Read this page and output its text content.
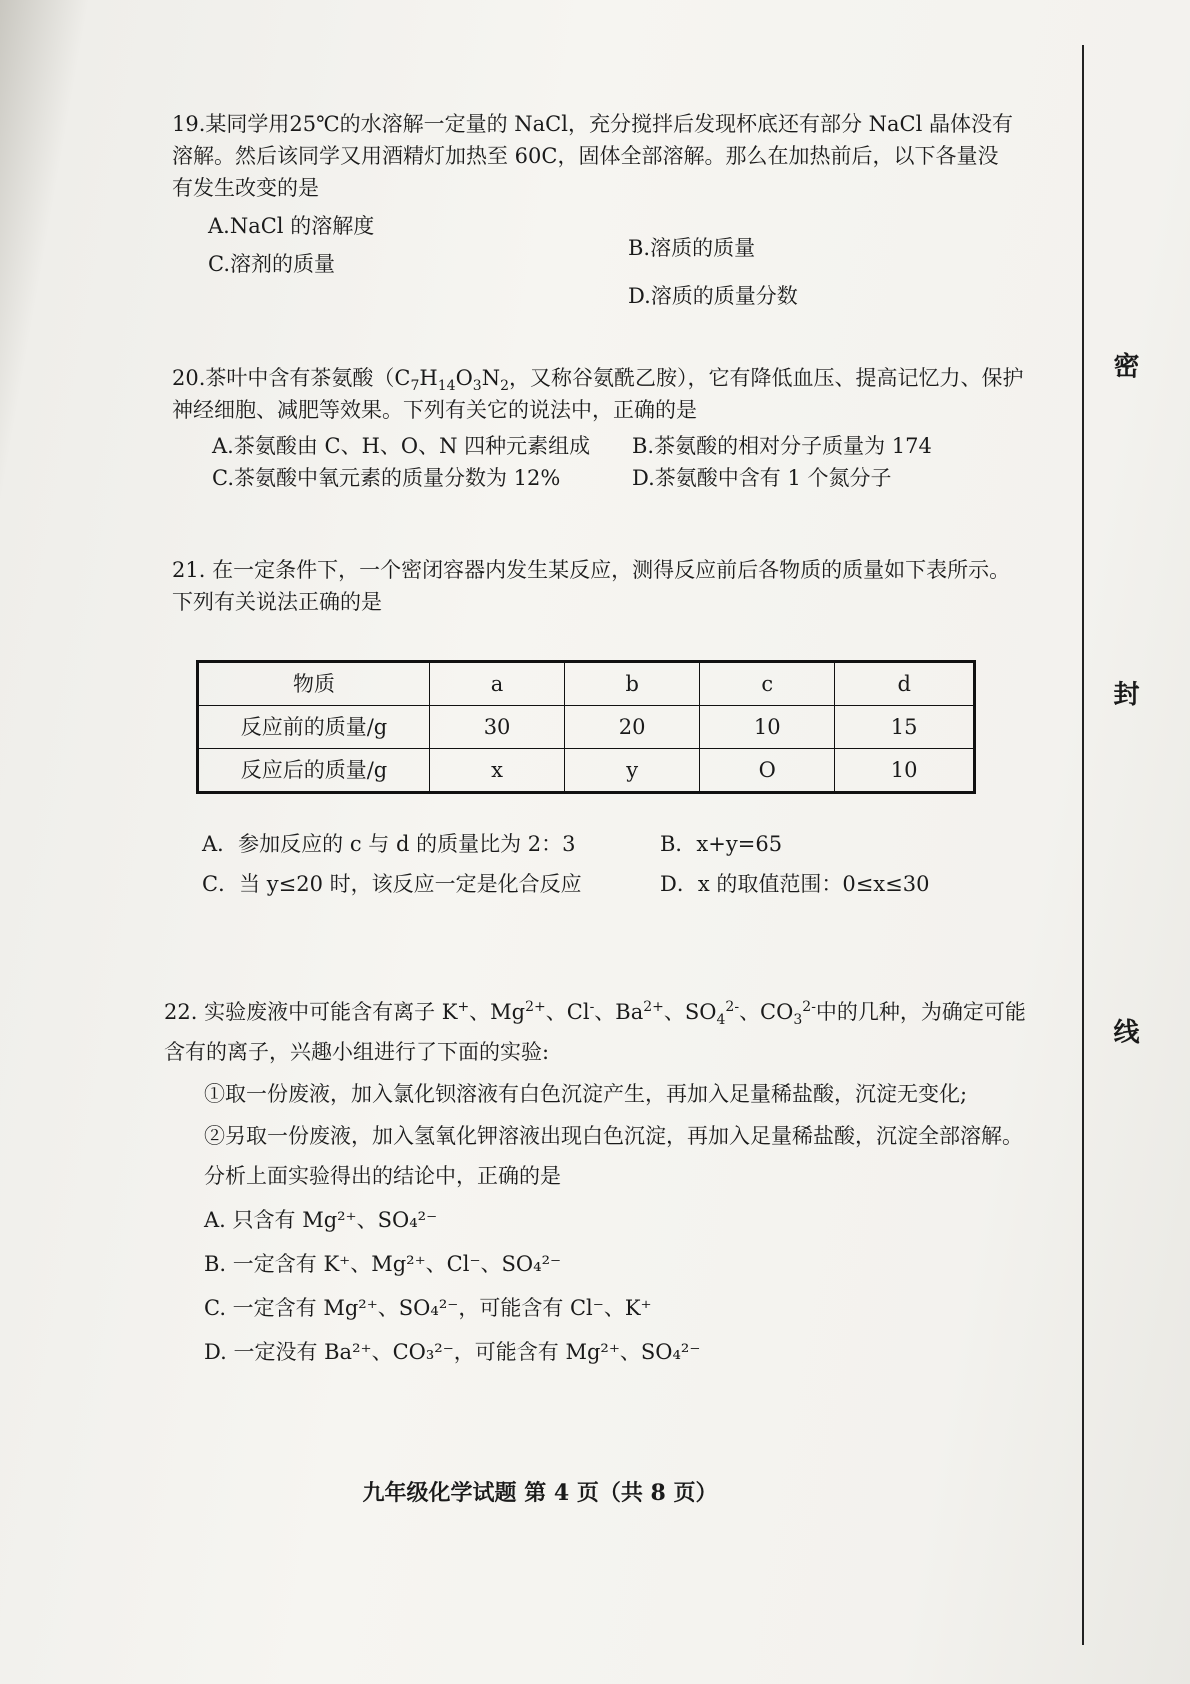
密
封
线

19.某同学用25℃的水溶解一定量的 NaCl，充分搅拌后发现杯底还有部分 NaCl 晶体没有

溶解。然后该同学又用酒精灯加热至 60C，固体全部溶解。那么在加热前后，以下各量没

有发生改变的是

A.NaCl 的溶解度
C.溶剂的质量
B.溶质的质量
D.溶质的质量分数

20.茶叶中含有茶氨酸（$C_7H_{14}O_3N_2$，又称谷氨酰乙胺），它有降低血压、提高记忆力、保护

神经细胞、减肥等效果。下列有关它的说法中，正确的是

A.茶氨酸由 C、H、O、N 四种元素组成	B.茶氨酸的相对分子质量为 174
C.茶氨酸中氧元素的质量分数为 12%	D.茶氨酸中含有 1 个氮分子

21. 在一定条件下，一个密闭容器内发生某反应，测得反应前后各物质的质量如下表所示。

下列有关说法正确的是

物质	a	b	c	d
反应前的质量/g	30	20	10	15
反应后的质量/g	x	y	O	10
A．参加反应的 c 与 d 的质量比为 2：3	B．x+y=65
C．当 y≤20 时，该反应一定是化合反应	D．x 的取值范围：0≤x≤30

22. 实验废液中可能含有离子 K+、$Mg^{2+}$、Cl-、$Ba^{2+}$、$SO_4^{2-}$、$CO_3^{2-}$中的几种，为确定可能

含有的离子，兴趣小组进行了下面的实验:

①取一份废液，加入氯化钡溶液有白色沉淀产生，再加入足量稀盐酸，沉淀无变化;

②另取一份废液，加入氢氧化钾溶液出现白色沉淀，再加入足量稀盐酸，沉淀全部溶解。

分析上面实验得出的结论中，正确的是

A. 只含有 Mg²⁺、SO₄²⁻

B. 一定含有 K⁺、Mg²⁺、Cl⁻、SO₄²⁻

C. 一定含有 Mg²⁺、SO₄²⁻，可能含有 Cl⁻、K⁺

D. 一定没有 Ba²⁺、CO₃²⁻，可能含有 Mg²⁺、SO₄²⁻

九年级化学试题 第 4 页（共 8 页）
